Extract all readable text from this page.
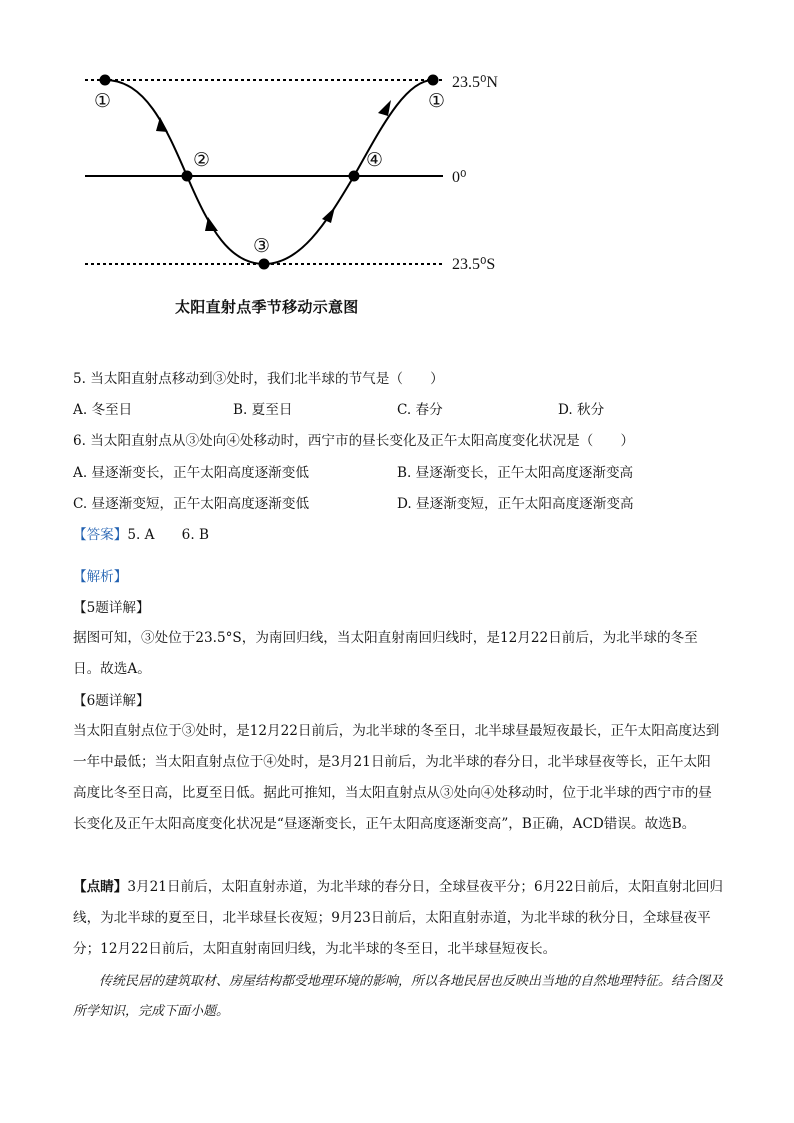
①
②
③
④
①
23.5⁰N
0⁰
23.5⁰S
太阳直射点季节移动示意图
5. 当太阳直射点移动到③处时，我们北半球的节气是（　　）
A. 冬至日	B. 夏至日	C. 春分	D. 秋分
6. 当太阳直射点从③处向④处移动时，西宁市的昼长变化及正午太阳高度变化状况是（　　）
A. 昼逐渐变长，正午太阳高度逐渐变低	B. 昼逐渐变长，正午太阳高度逐渐变高
C. 昼逐渐变短，正午太阳高度逐渐变低	D. 昼逐渐变短，正午太阳高度逐渐变高
【答案】5. A　　6. B
【解析】
【5题详解】
据图可知，③处位于23.5°S，为南回归线，当太阳直射南回归线时，是12月22日前后，为北半球的冬至日。故选A。
【6题详解】
当太阳直射点位于③处时，是12月22日前后，为北半球的冬至日，北半球昼最短夜最长，正午太阳高度达到一年中最低；当太阳直射点位于④处时，是3月21日前后，为北半球的春分日，北半球昼夜等长，正午太阳高度比冬至日高，比夏至日低。据此可推知，当太阳直射点从③处向④处移动时，位于北半球的西宁市的昼长变化及正午太阳高度变化状况是“昼逐渐变长，正午太阳高度逐渐变高”，B正确，ACD错误。故选B。
【点睛】3月21日前后，太阳直射赤道，为北半球的春分日，全球昼夜平分；6月22日前后，太阳直射北回归线，为北半球的夏至日，北半球昼长夜短；9月23日前后，太阳直射赤道，为北半球的秋分日，全球昼夜平分；12月22日前后，太阳直射南回归线，为北半球的冬至日，北半球昼短夜长。
传统民居的建筑取材、房屋结构都受地理环境的影响，所以各地民居也反映出当地的自然地理特征。结合图及所学知识，完成下面小题。
